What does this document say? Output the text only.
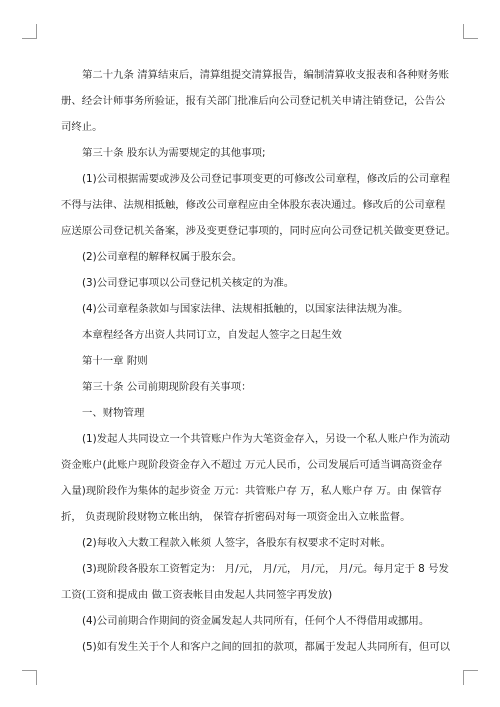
第二十九条 清算结束后，清算组提交清算报告，编制清算收支报表和各种财务账
册、经会计师事务所验证，报有关部门批准后向公司登记机关申请注销登记，公告公
司终止。
第三十条 股东认为需要规定的其他事项;
(1)公司根据需要或涉及公司登记事项变更的可修改公司章程，修改后的公司章程
不得与法律、法规相抵触，修改公司章程应由全体股东表决通过。修改后的公司章程
应送原公司登记机关备案，涉及变更登记事项的，同时应向公司登记机关做变更登记。
(2)公司章程的解释权属于股东会。
(3)公司登记事项以公司登记机关核定的为准。
(4)公司章程条款如与国家法律、法规相抵触的，以国家法律法规为准。
本章程经各方出资人共同订立，自发起人签字之日起生效
第十一章 附则
第三十条 公司前期现阶段有关事项：
一、财物管理
(1)发起人共同设立一个共管账户作为大笔资金存入，另设一个私人账户作为流动
资金账户(此账户现阶段资金存入不超过 万元人民币，公司发展后可适当调高资金存
入量)现阶段作为集体的起步资金 万元：共管账户存 万，私人账户存 万。由 保管存
折， 负责现阶段财物立帐出纳， 保管存折密码对每一项资金出入立帐监督。
(2)每收入大数工程款入帐须 人签字，各股东有权要求不定时对帐。
(3)现阶段各股东工资暂定为： 月/元， 月/元， 月/元， 月/元。每月定于 8 号发
工资(工资和提成由 做工资表帐目由发起人共同签字再发放)
(4)公司前期合作期间的资金属发起人共同所有，任何个人不得借用或挪用。
(5)如有发生关于个人和客户之间的回扣的款项，都属于发起人共同所有，但可以
